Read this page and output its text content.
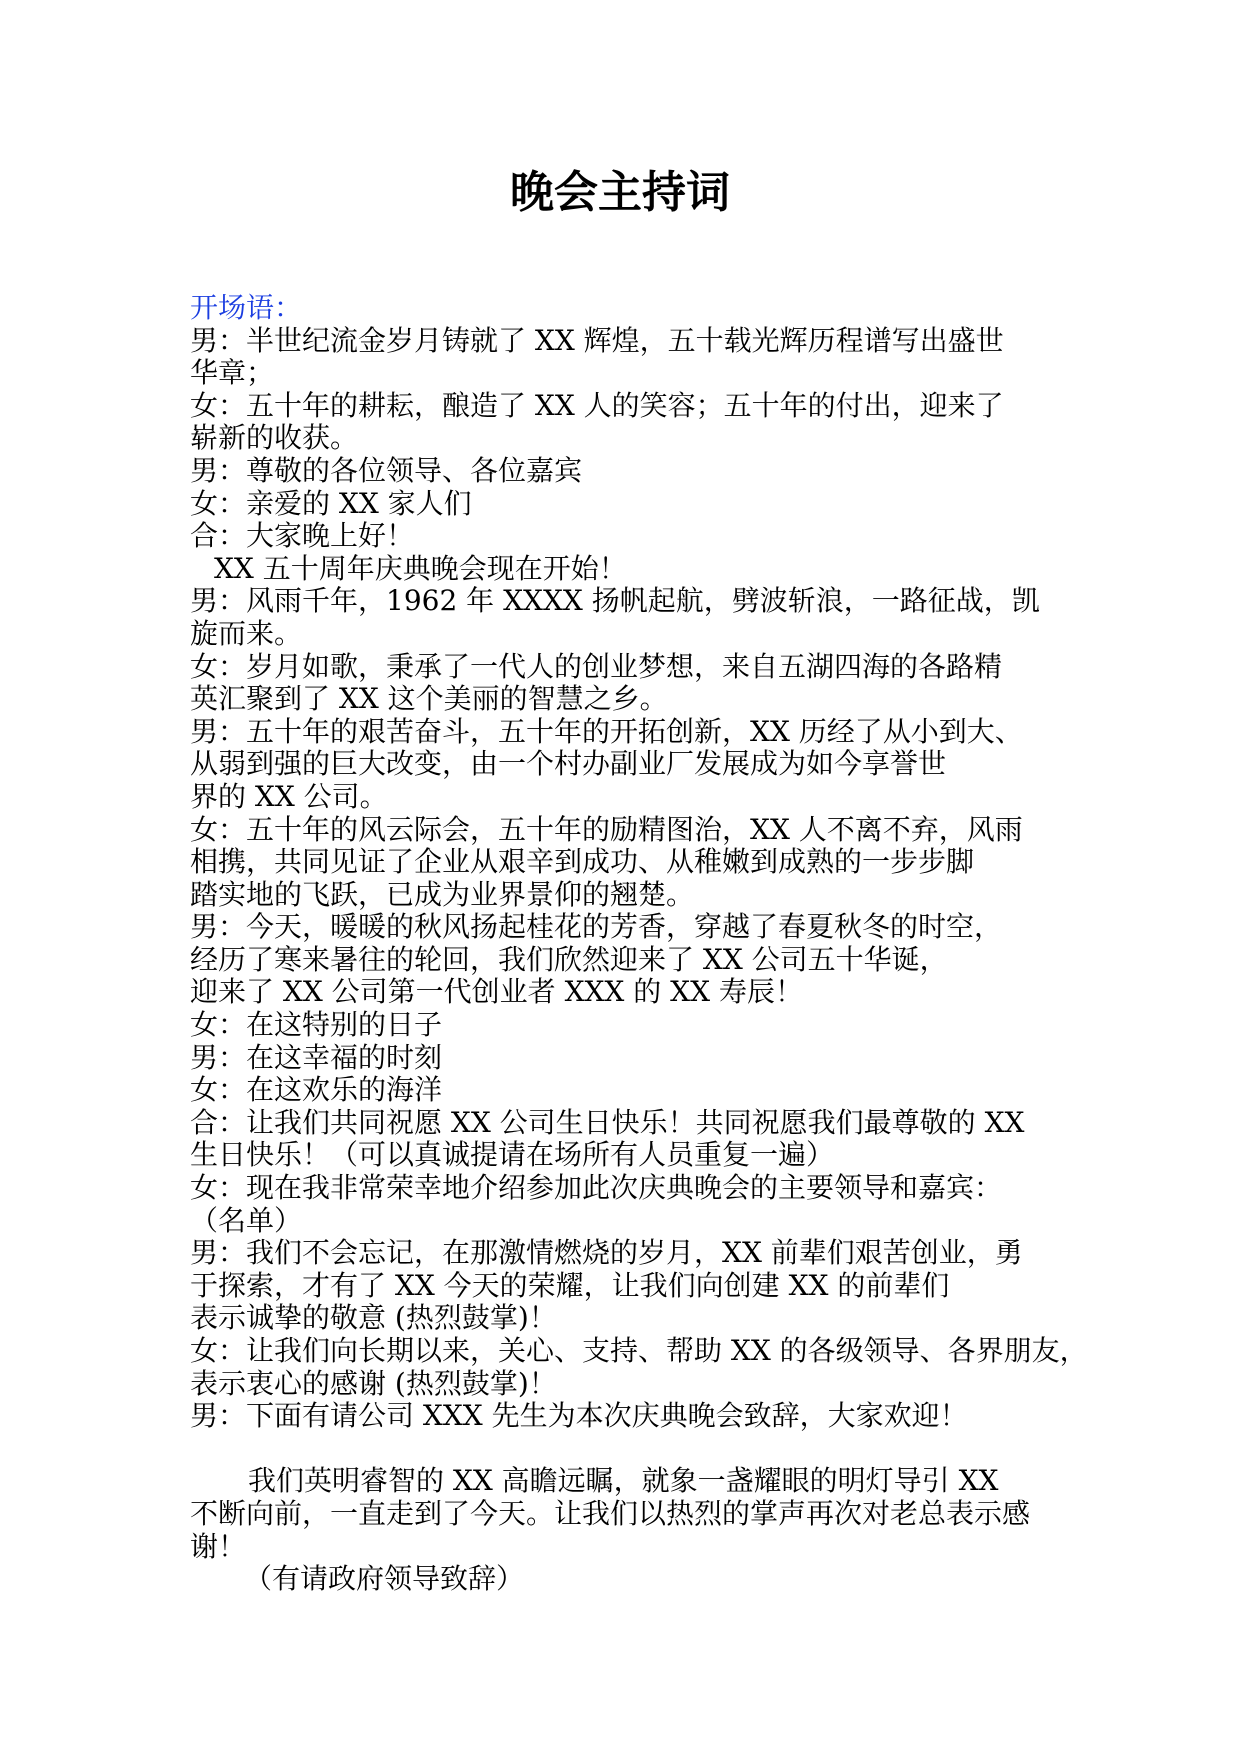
晚会主持词
开场语：
男：半世纪流金岁月铸就了 XX 辉煌，五十载光辉历程谱写出盛世
华章；
女：五十年的耕耘，酿造了 XX 人的笑容；五十年的付出，迎来了
崭新的收获。
男：尊敬的各位领导、各位嘉宾
女：亲爱的 XX 家人们
合：大家晚上好！
XX 五十周年庆典晚会现在开始！
男：风雨千年，1962 年 XXXX 扬帆起航，劈波斩浪，一路征战，凯
旋而来。
女：岁月如歌，秉承了一代人的创业梦想，来自五湖四海的各路精
英汇聚到了 XX 这个美丽的智慧之乡。
男：五十年的艰苦奋斗，五十年的开拓创新，XX 历经了从小到大、
从弱到强的巨大改变，由一个村办副业厂发展成为如今享誉世
界的 XX 公司。
女：五十年的风云际会，五十年的励精图治，XX 人不离不弃，风雨
相携，共同见证了企业从艰辛到成功、从稚嫩到成熟的一步步脚
踏实地的飞跃，已成为业界景仰的翘楚。
男：今天，暖暖的秋风扬起桂花的芳香，穿越了春夏秋冬的时空，
经历了寒来暑往的轮回，我们欣然迎来了 XX 公司五十华诞，
迎来了 XX 公司第一代创业者 XXX 的 XX 寿辰！
女：在这特别的日子
男：在这幸福的时刻
女：在这欢乐的海洋
合：让我们共同祝愿 XX 公司生日快乐！共同祝愿我们最尊敬的 XX
生日快乐！（可以真诚提请在场所有人员重复一遍）
女：现在我非常荣幸地介绍参加此次庆典晚会的主要领导和嘉宾：
（名单）
男：我们不会忘记，在那激情燃烧的岁月，XX 前辈们艰苦创业，勇
于探索，才有了 XX 今天的荣耀，让我们向创建 XX 的前辈们
表示诚挚的敬意 (热烈鼓掌)！
女：让我们向长期以来，关心、支持、帮助 XX 的各级领导、各界朋友，
表示衷心的感谢 (热烈鼓掌)！
男：下面有请公司 XXX 先生为本次庆典晚会致辞，大家欢迎！
我们英明睿智的 XX 高瞻远瞩，就象一盏耀眼的明灯导引 XX
不断向前，一直走到了今天。让我们以热烈的掌声再次对老总表示感
谢！
（有请政府领导致辞）
